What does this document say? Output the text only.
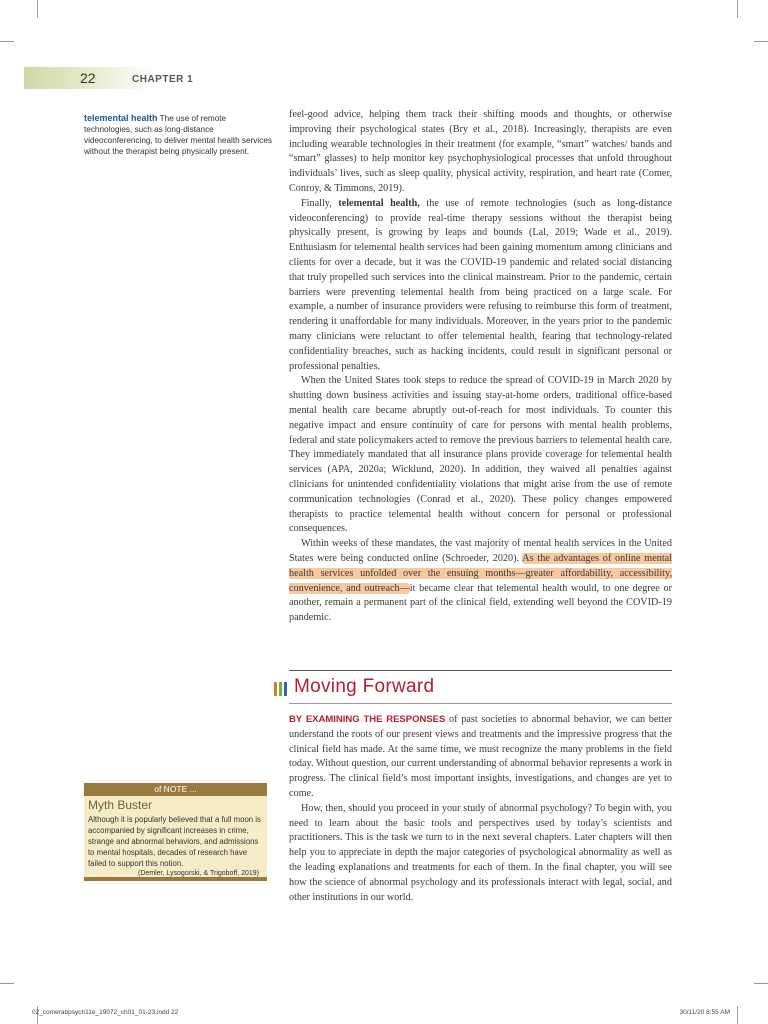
22	CHAPTER 1
telemental health The use of remote technologies, such as long-distance videoconferencing, to deliver mental health services without the therapist being physically present.

feel-good advice, helping them track their shifting moods and thoughts, or otherwise improving their psychological states (Bry et al., 2018). Increasingly, therapists are even including wearable technologies in their treatment (for example, “smart” watches/ bands and “smart” glasses) to help monitor key psychophysiological processes that unfold throughout individuals’ lives, such as sleep quality, physical activity, respiration, and heart rate (Comer, Conroy, & Timmons, 2019).

Finally, telemental health, the use of remote technologies (such as long-distance videoconferencing) to provide real-time therapy sessions without the therapist being physically present, is growing by leaps and bounds (Lal, 2019; Wade et al., 2019). Enthusiasm for telemental health services had been gaining momentum among clinicians and clients for over a decade, but it was the COVID-19 pandemic and related social distancing that truly propelled such services into the clinical mainstream. Prior to the pandemic, certain barriers were preventing telemental health from being practiced on a large scale. For example, a number of insurance providers were refusing to reimburse this form of treatment, rendering it unaffordable for many individuals. Moreover, in the years prior to the pandemic many clinicians were reluctant to offer telemental health, fearing that technology-related confidentiality breaches, such as hacking incidents, could result in significant personal or professional penalties.

When the United States took steps to reduce the spread of COVID-19 in March 2020 by shutting down business activities and issuing stay-at-home orders, traditional office-based mental health care became abruptly out-of-reach for most individuals. To counter this negative impact and ensure continuity of care for persons with mental health problems, federal and state policymakers acted to remove the previous barriers to telemental health care. They immediately mandated that all insurance plans provide coverage for telemental health services (APA, 2020a; Wicklund, 2020). In addition, they waived all penalties against clinicians for unintended confidentiality violations that might arise from the use of remote communication technologies (Conrad et al., 2020). These policy changes empowered therapists to practice telemental health without concern for personal or professional consequences.

Within weeks of these mandates, the vast majority of mental health services in the United States were being conducted online (Schroeder, 2020). As the advantages of online mental health services unfolded over the ensuing months—greater affordability, accessibility, convenience, and outreach—it became clear that telemental health would, to one degree or another, remain a permanent part of the clinical field, extending well beyond the COVID-19 pandemic.

Moving Forward

BY EXAMINING THE RESPONSES of past societies to abnormal behavior, we can better understand the roots of our present views and treatments and the impressive progress that the clinical field has made. At the same time, we must recognize the many problems in the field today. Without question, our current understanding of abnormal behavior represents a work in progress. The clinical field’s most important insights, investigations, and changes are yet to come.

How, then, should you proceed in your study of abnormal psychology? To begin with, you need to learn about the basic tools and perspectives used by today’s scientists and practitioners. This is the task we turn to in the next several chapters. Later chapters will then help you to appreciate in depth the major categories of psychological abnormality as well as the leading explanations and treatments for each of them. In the final chapter, you will see how the science of abnormal psychology and its professionals interact with legal, social, and other institutions in our world.

of NOTE ...
Myth Buster
Although it is popularly believed that a full moon is accompanied by significant increases in crime, strange and abnormal behaviors, and admissions to mental hospitals, decades of research have failed to support this notion.
(Demler, Lysogorski, & Trigoboff, 2019)
02_comerabpsych11e_19072_ch01_01-23.indd 22	30/11/20 8:55 AM
